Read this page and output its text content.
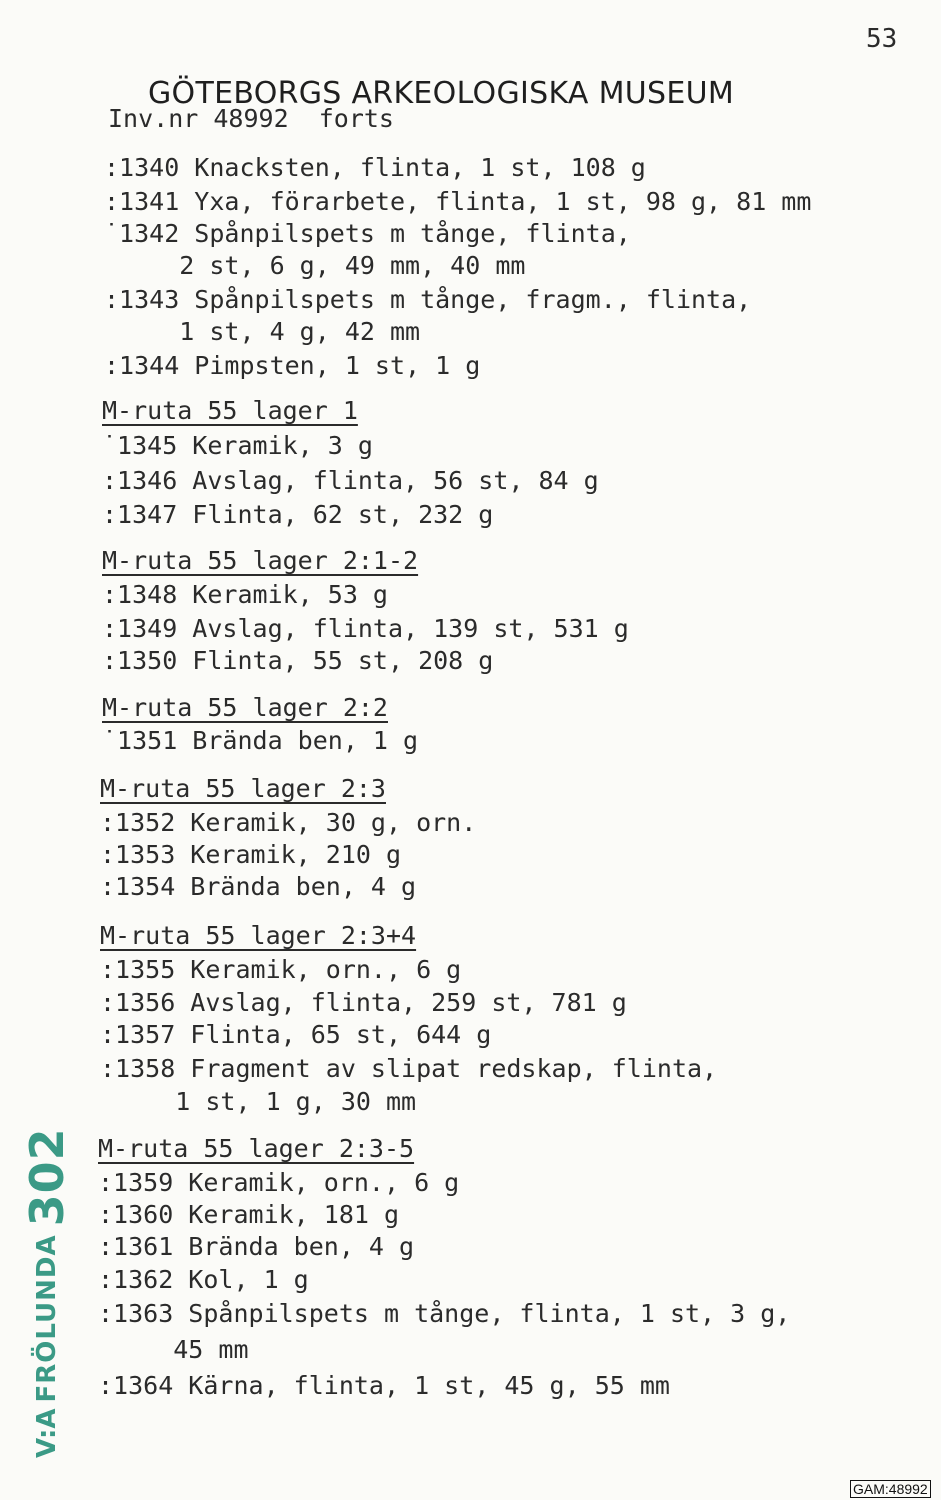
53
GÖTEBORGS ARKEOLOGISKA MUSEUM
Inv.nr 48992  forts
:1340 Knacksten, flinta, 1 st, 108 g
:1341 Yxa, förarbete, flinta, 1 st, 98 g, 81 mm
˙1342 Spånpilspets m tånge, flinta,
2 st, 6 g, 49 mm, 40 mm
:1343 Spånpilspets m tånge, fragm., flinta,
1 st, 4 g, 42 mm
:1344 Pimpsten, 1 st, 1 g
M-ruta 55 lager 1
˙1345 Keramik, 3 g
:1346 Avslag, flinta, 56 st, 84 g
:1347 Flinta, 62 st, 232 g
M-ruta 55 lager 2:1-2
:1348 Keramik, 53 g
:1349 Avslag, flinta, 139 st, 531 g
:1350 Flinta, 55 st, 208 g
M-ruta 55 lager 2:2
˙1351 Brända ben, 1 g
M-ruta 55 lager 2:3
:1352 Keramik, 30 g, orn.
:1353 Keramik, 210 g
:1354 Brända ben, 4 g
M-ruta 55 lager 2:3+4
:1355 Keramik, orn., 6 g
:1356 Avslag, flinta, 259 st, 781 g
:1357 Flinta, 65 st, 644 g
:1358 Fragment av slipat redskap, flinta,
1 st, 1 g, 30 mm
M-ruta 55 lager 2:3-5
:1359 Keramik, orn., 6 g
:1360 Keramik, 181 g
:1361 Brända ben, 4 g
:1362 Kol, 1 g
:1363 Spånpilspets m tånge, flinta, 1 st, 3 g,
45 mm
:1364 Kärna, flinta, 1 st, 45 g, 55 mm
V:AFRÖLUNDA302
GAM:48992
